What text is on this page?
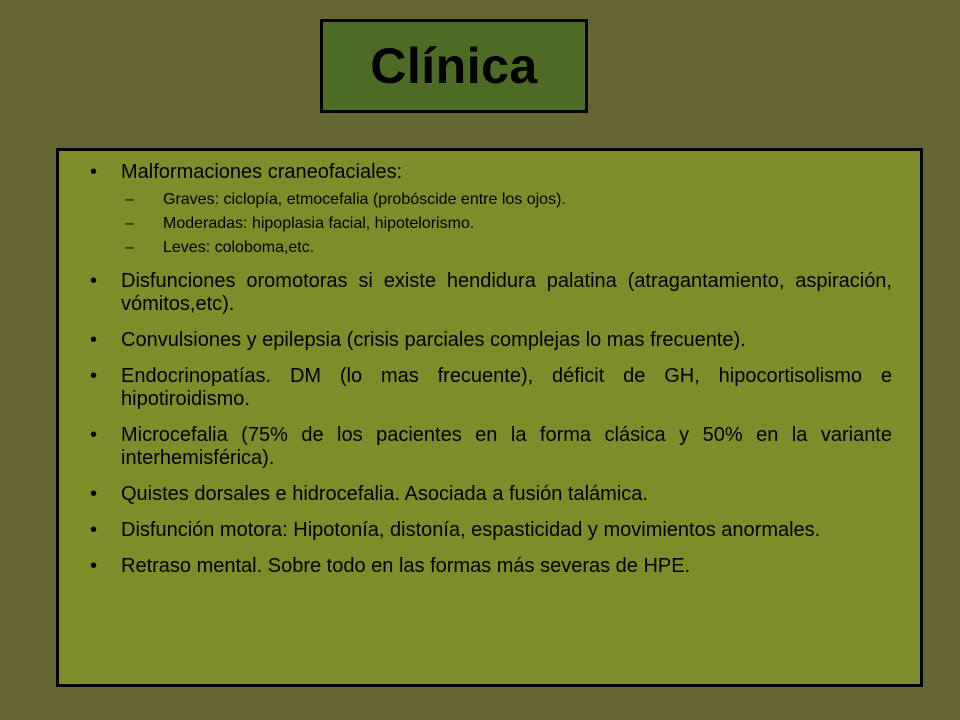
Clínica
• Malformaciones craneofaciales:
– Graves: ciclopía, etmocefalia (probóscide entre los ojos).
– Moderadas: hipoplasia facial, hipotelorismo.
– Leves: coloboma,etc.
• Disfunciones oromotoras si existe hendidura palatina (atragantamiento, aspiración, vómitos,etc).
• Convulsiones y epilepsia (crisis parciales complejas lo mas frecuente).
• Endocrinopatías. DM (lo mas frecuente), déficit de GH, hipocortisolismo e hipotiroidismo.
• Microcefalia (75% de los pacientes en la forma clásica y 50% en la variante interhemisférica).
• Quistes dorsales e hidrocefalia. Asociada a fusión talámica.
• Disfunción motora: Hipotonía, distonía, espasticidad y movimientos anormales.
• Retraso mental. Sobre todo en las formas más severas de HPE.
